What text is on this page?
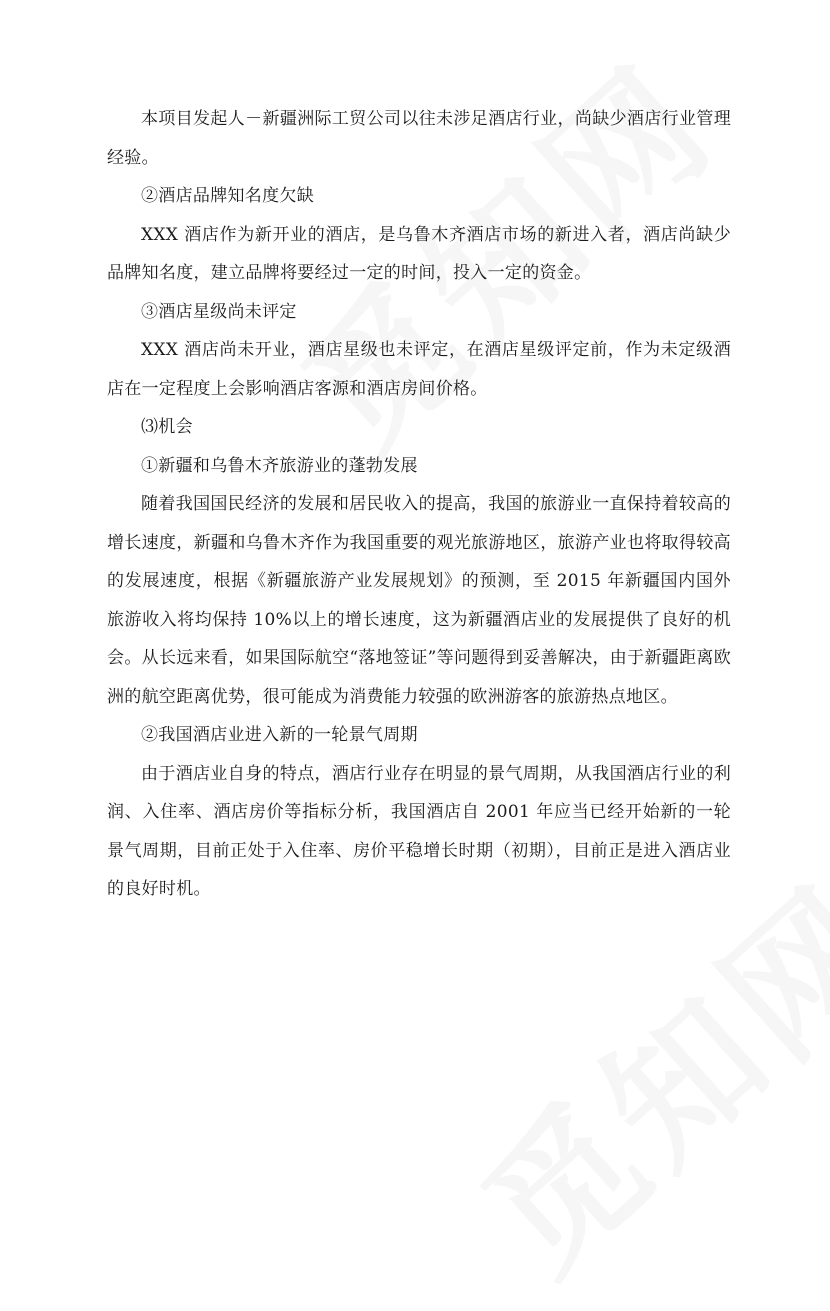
本项目发起人－新疆洲际工贸公司以往未涉足酒店行业，尚缺少酒店行业管理经验。

②酒店品牌知名度欠缺

XXX 酒店作为新开业的酒店，是乌鲁木齐酒店市场的新进入者，酒店尚缺少品牌知名度，建立品牌将要经过一定的时间，投入一定的资金。

③酒店星级尚未评定

XXX 酒店尚未开业，酒店星级也未评定，在酒店星级评定前，作为未定级酒店在一定程度上会影响酒店客源和酒店房间价格。

⑶机会

①新疆和乌鲁木齐旅游业的蓬勃发展

随着我国国民经济的发展和居民收入的提高，我国的旅游业一直保持着较高的增长速度，新疆和乌鲁木齐作为我国重要的观光旅游地区，旅游产业也将取得较高的发展速度，根据《新疆旅游产业发展规划》的预测，至 2015 年新疆国内国外旅游收入将均保持 10%以上的增长速度，这为新疆酒店业的发展提供了良好的机会。从长远来看，如果国际航空“落地签证”等问题得到妥善解决，由于新疆距离欧洲的航空距离优势，很可能成为消费能力较强的欧洲游客的旅游热点地区。

②我国酒店业进入新的一轮景气周期

由于酒店业自身的特点，酒店行业存在明显的景气周期，从我国酒店行业的利润、入住率、酒店房价等指标分析，我国酒店自 2001 年应当已经开始新的一轮景气周期，目前正处于入住率、房价平稳增长时期（初期），目前正是进入酒店业的良好时机。
